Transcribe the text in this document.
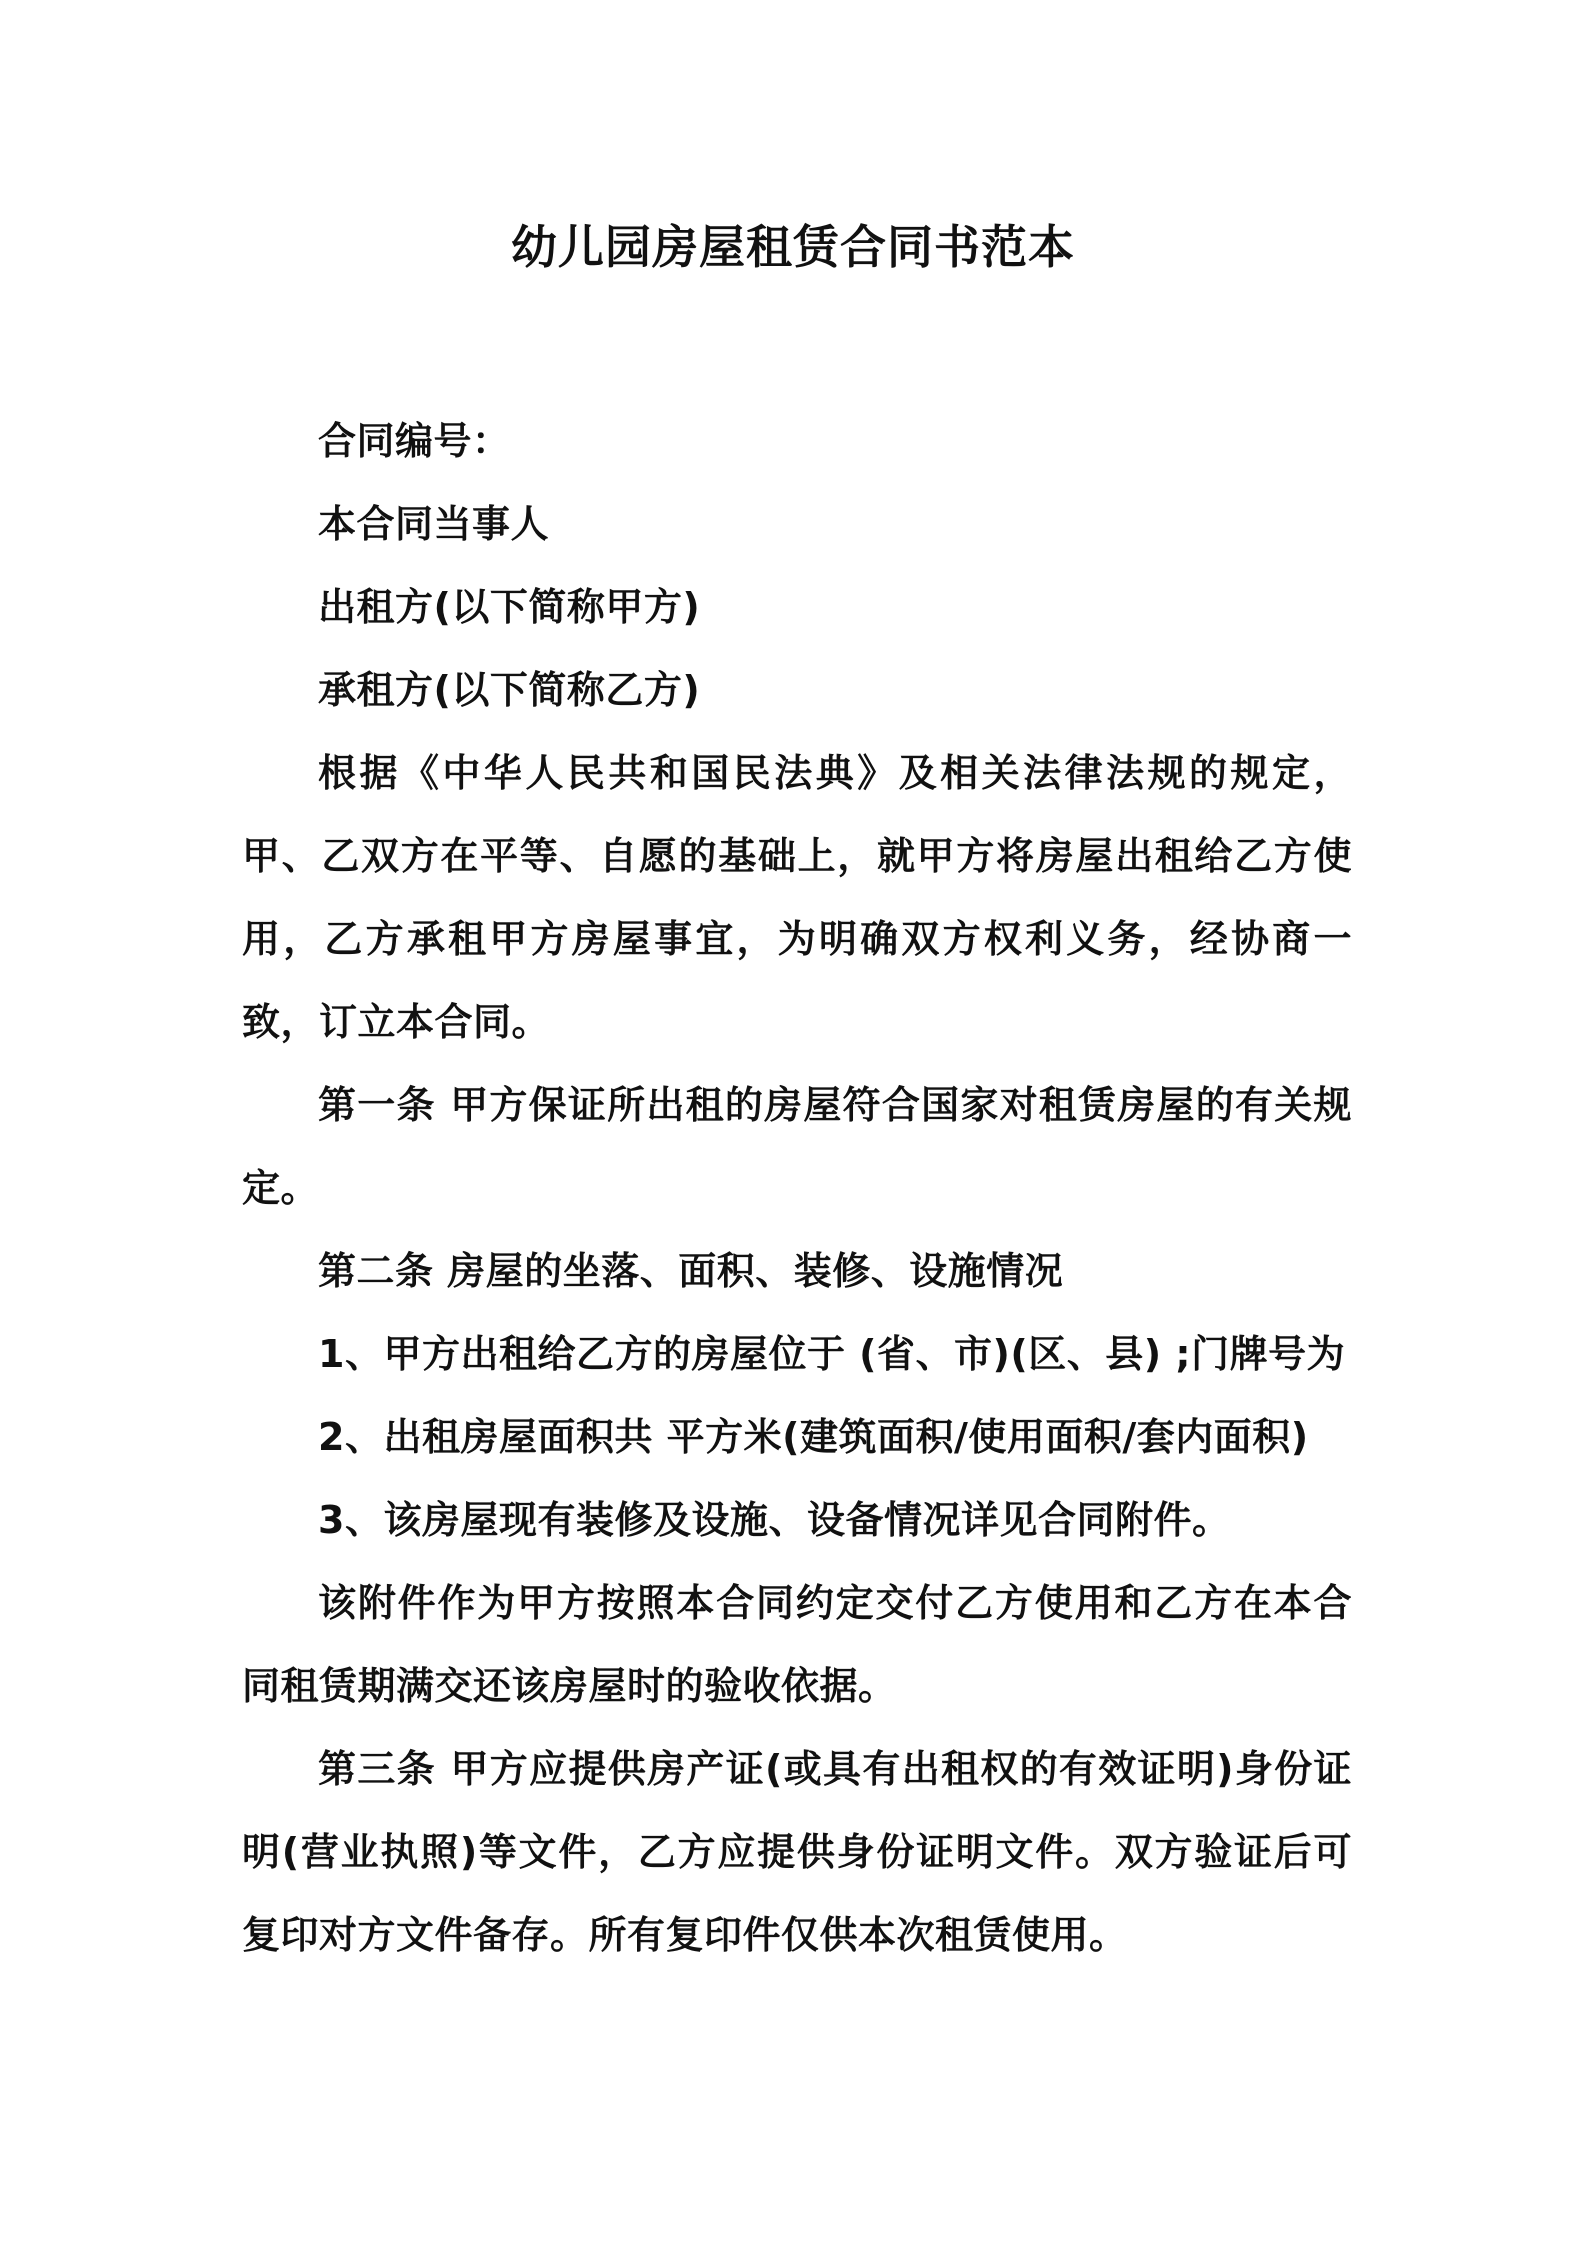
幼儿园房屋租赁合同书范本

合同编号：

本合同当事人

出租方(以下简称甲方)

承租方(以下简称乙方)

根据《中华人民共和国民法典》及相关法律法规的规定，甲、乙双方在平等、自愿的基础上，就甲方将房屋出租给乙方使用，乙方承租甲方房屋事宜，为明确双方权利义务，经协商一致，订立本合同。

第一条 甲方保证所出租的房屋符合国家对租赁房屋的有关规定。

第二条 房屋的坐落、面积、装修、设施情况

1、甲方出租给乙方的房屋位于 (省、市)(区、县) ;门牌号为

2、出租房屋面积共 平方米(建筑面积/使用面积/套内面积)

3、该房屋现有装修及设施、设备情况详见合同附件。

该附件作为甲方按照本合同约定交付乙方使用和乙方在本合同租赁期满交还该房屋时的验收依据。

第三条 甲方应提供房产证(或具有出租权的有效证明)身份证明(营业执照)等文件，乙方应提供身份证明文件。双方验证后可复印对方文件备存。所有复印件仅供本次租赁使用。
